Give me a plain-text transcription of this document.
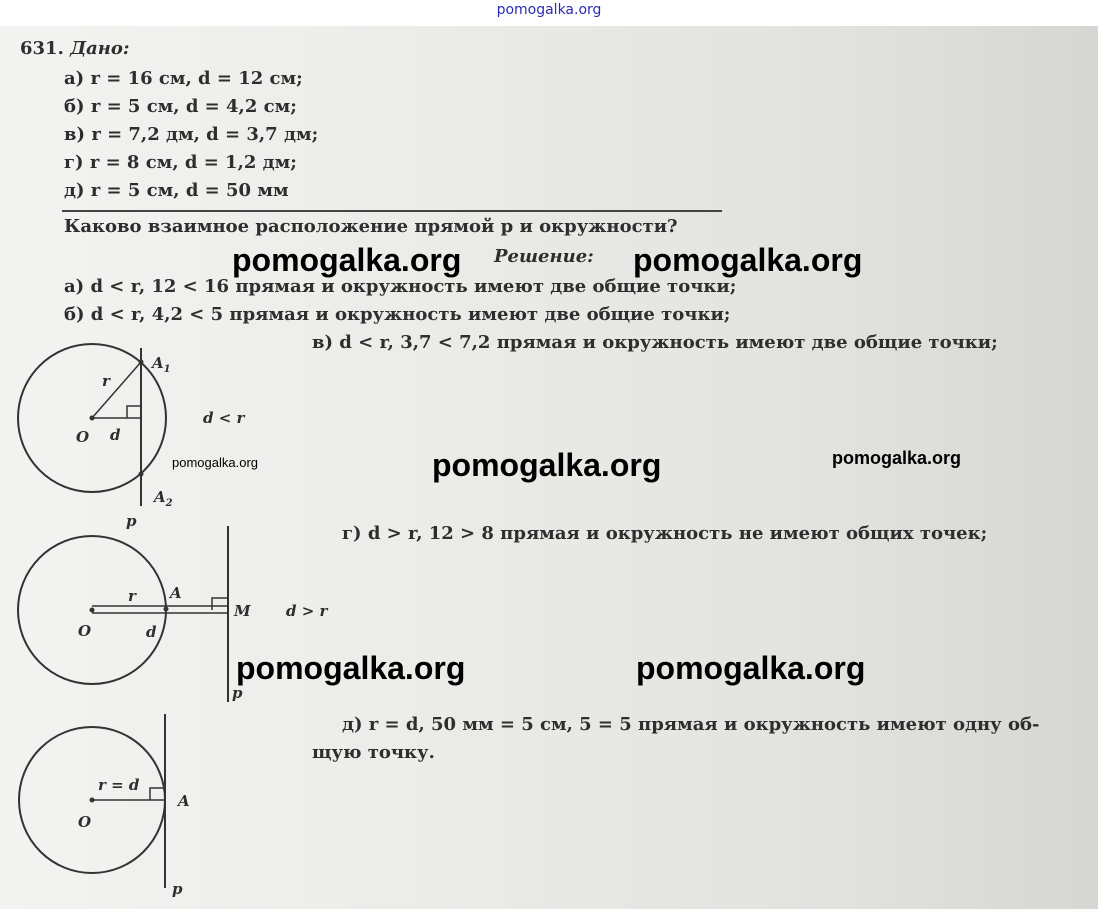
pomogalka.org
631. Дано:
а) r = 16 см, d = 12 см;
б) r = 5 см, d = 4,2 см;
в) r = 7,2 дм, d = 3,7 дм;
г) r = 8 см, d = 1,2 дм;
д) r = 5 см, d = 50 мм
Каково взаимное расположение прямой p и окружности?
Решение:
а) d < r, 12 < 16 прямая и окружность имеют две общие точки;
б) d < r, 4,2 < 5 прямая и окружность имеют две общие точки;
в) d < r, 3,7 < 7,2 прямая и окружность имеют две общие точки;
г) d > r, 12 > 8 прямая и окружность не имеют общих точек;
д) r = d, 50 мм = 5 см, 5 = 5 прямая и окружность имеют одну об-
щую точку.
$A_1$
r
O d
$A_2$
p
d < r
r A
M
O	d
p
d > r
r = d
A
O
p
pomogalka.org	pomogalka.org
pomogalka.org	pomogalka.org	pomogalka.org
pomogalka.org	pomogalka.org
